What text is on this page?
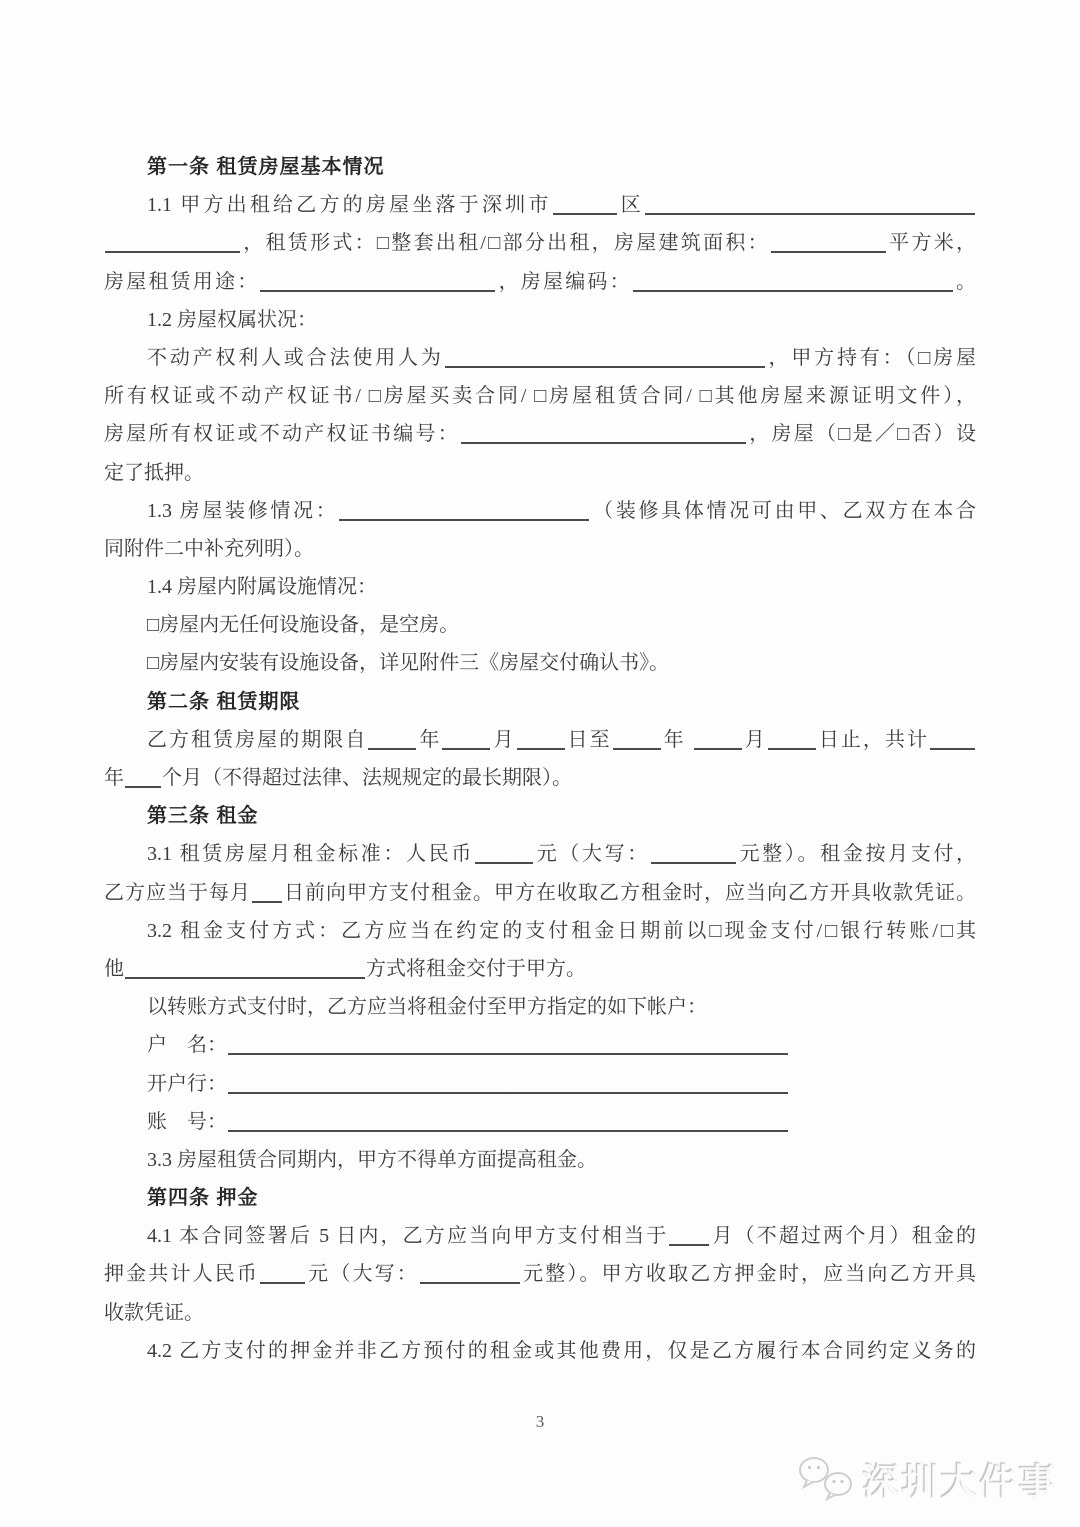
第一条 租赁房屋基本情况
1.1 甲方出租给乙方的房屋坐落于深圳市	区
，租赁形式：□整套出租/□部分出租，房屋建筑面积：	平方米，
房屋租赁用途：	，房屋编码：	。
1.2 房屋权属状况：
不动产权利人或合法使用人为	，甲方持有：（□房屋
所有权证或不动产权证书/ □房屋买卖合同/ □房屋租赁合同/ □其他房屋来源证明文件），
房屋所有权证或不动产权证书编号：	，房屋（□是／□否）设
定了抵押。
1.3 房屋装修情况：	（装修具体情况可由甲、乙双方在本合
同附件二中补充列明）。
1.4 房屋内附属设施情况：
□房屋内无任何设施设备，是空房。
□房屋内安装有设施设备，详见附件三《房屋交付确认书》。
第二条 租赁期限
乙方租赁房屋的期限自	年	月	日至	年	月	日止，共计
年 个月（不得超过法律、法规规定的最长期限）。
第三条 租金
3.1 租赁房屋月租金标准：人民币	元（大写：	元整）。租金按月支付，
乙方应当于每月 日前向甲方支付租金。甲方在收取乙方租金时，应当向乙方开具收款凭证。
3.2 租金支付方式：乙方应当在约定的支付租金日期前以□现金支付/□银行转账/□其
他	方式将租金交付于甲方。
以转账方式支付时，乙方应当将租金付至甲方指定的如下帐户：
户　名：
开户行：
账　号：
3.3 房屋租赁合同期内，甲方不得单方面提高租金。
第四条 押金
4.1 本合同签署后 5 日内，乙方应当向甲方支付相当于 月（不超过两个月）租金的
押金共计人民币 元（大写：	元整）。甲方收取乙方押金时，应当向乙方开具
收款凭证。
4.2 乙方支付的押金并非乙方预付的租金或其他费用，仅是乙方履行本合同约定义务的
3
深圳大件事
